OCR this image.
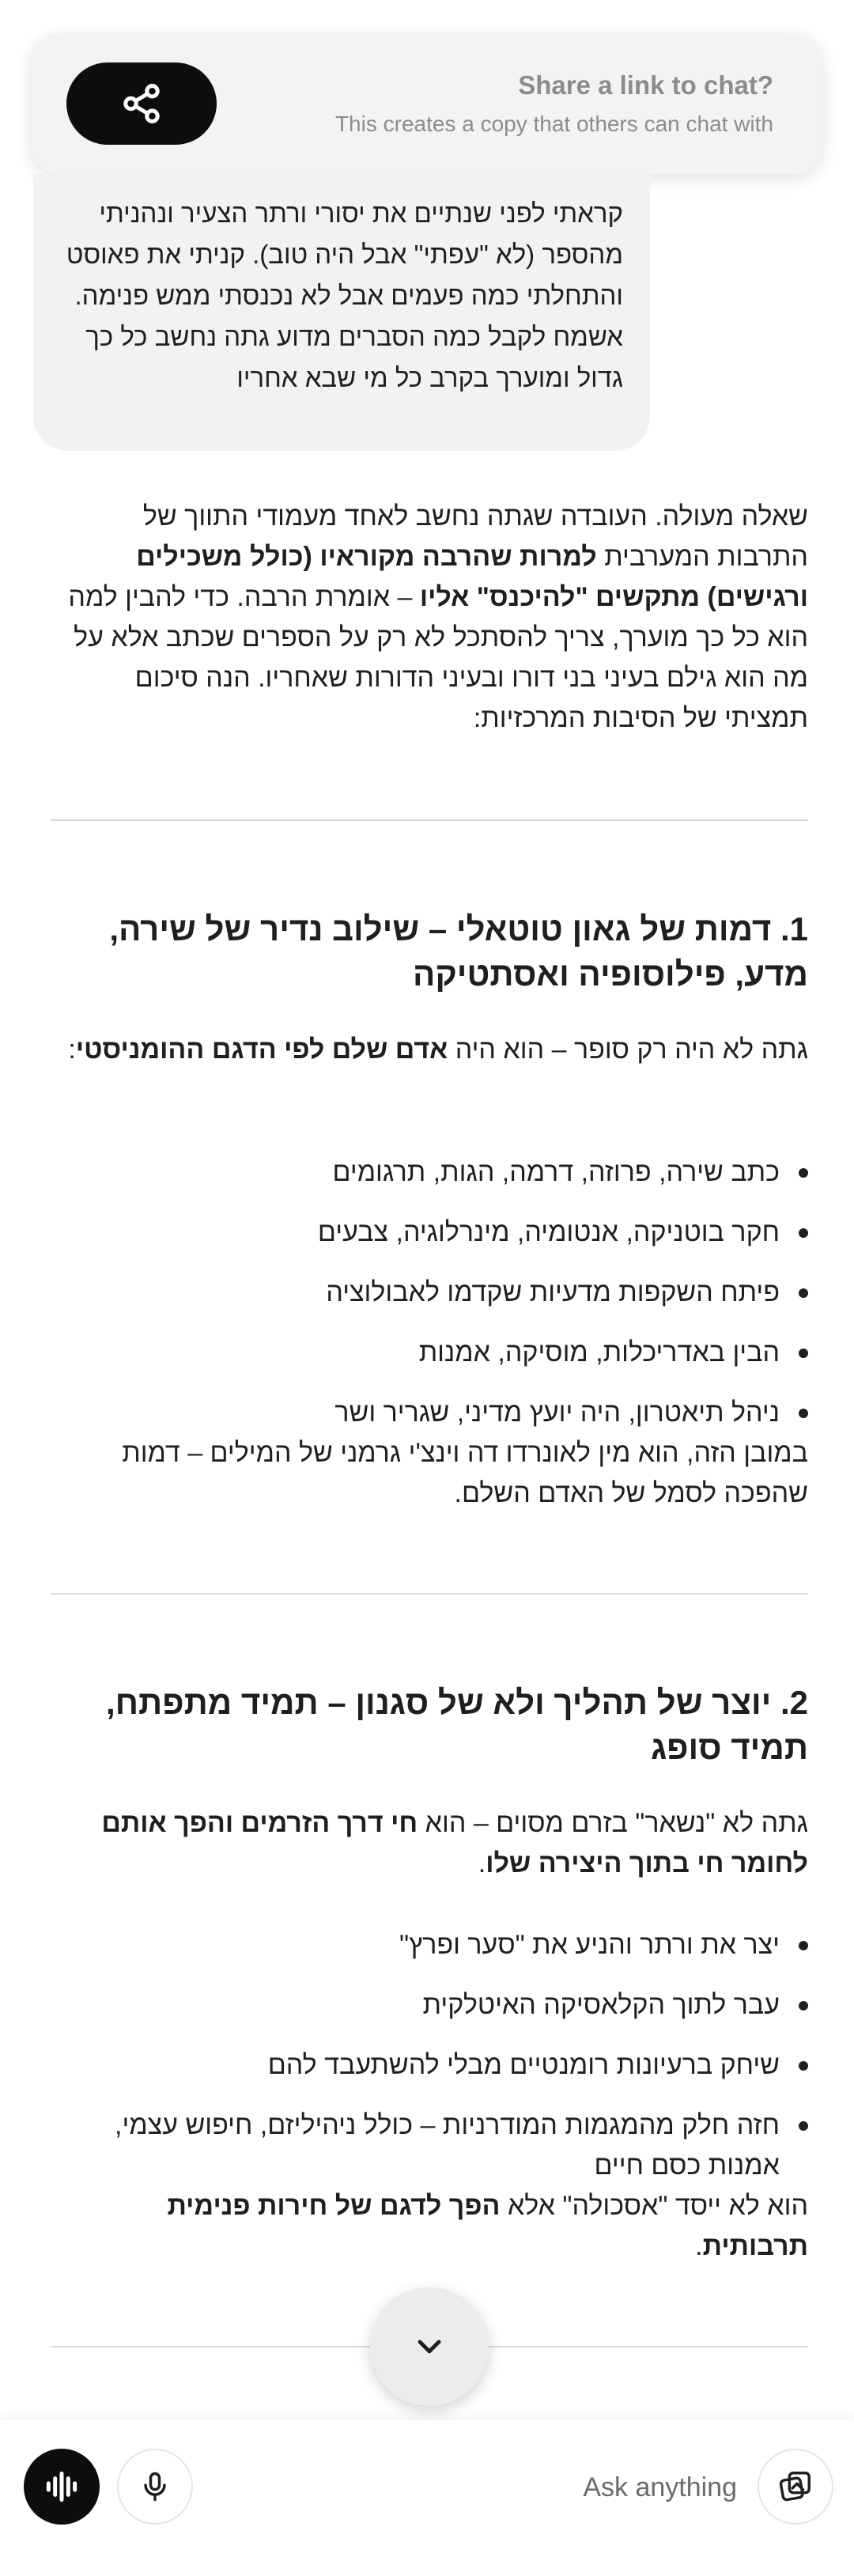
?Share a link to chat
This creates a copy that others can chat with
קראתי לפני שנתיים את יסורי ורתר הצעיר ונהניתי מהספר (לא "עפתי" אבל היה טוב). קניתי את פאוסט והתחלתי כמה פעמים אבל לא נכנסתי ממש פנימה. אשמח לקבל כמה הסברים מדוע גתה נחשב כל כך גדול ומוערך בקרב כל מי שבא אחריו

שאלה מעולה. העובדה שגתה נחשב לאחד מעמודי התווך של התרבות המערבית למרות שהרבה מקוראיו (כולל משכילים ורגישים) מתקשים "להיכנס" אליו – אומרת הרבה. כדי להבין למה הוא כל כך מוערך, צריך להסתכל לא רק על הספרים שכתב אלא על מה הוא גילם בעיני בני דורו ובעיני הדורות שאחריו. הנה סיכום תמציתי של הסיבות המרכזיות:

1. דמות של גאון טוטאלי – שילוב נדיר של שירה, מדע, פילוסופיה ואסתטיקה

גתה לא היה רק סופר – הוא היה אדם שלם לפי הדגם ההומניסטי:

כתב שירה, פרוזה, דרמה, הגות, תרגומים
חקר בוטניקה, אנטומיה, מינרלוגיה, צבעים
פיתח השקפות מדעיות שקדמו לאבולוציה
הבין באדריכלות, מוסיקה, אמנות
ניהל תיאטרון, היה יועץ מדיני, שגריר ושר

במובן הזה, הוא מין לאונרדו דה וינצ'י גרמני של המילים – דמות שהפכה לסמל של האדם השלם.

2. יוצר של תהליך ולא של סגנון – תמיד מתפתח, תמיד סופג

גתה לא "נשאר" בזרם מסוים – הוא חי דרך הזרמים והפך אותם לחומר חי בתוך היצירה שלו.

יצר את ורתר והניע את "סער ופרץ"
עבר לתוך הקלאסיקה האיטלקית
שיחק ברעיונות רומנטיים מבלי להשתעבד להם
חזה חלק מהמגמות המודרניות – כולל ניהיליזם, חיפוש עצמי, אמנות כסם חיים

הוא לא ייסד "אסכולה" אלא הפך לדגם של חירות פנימית תרבותית.

Ask anything
